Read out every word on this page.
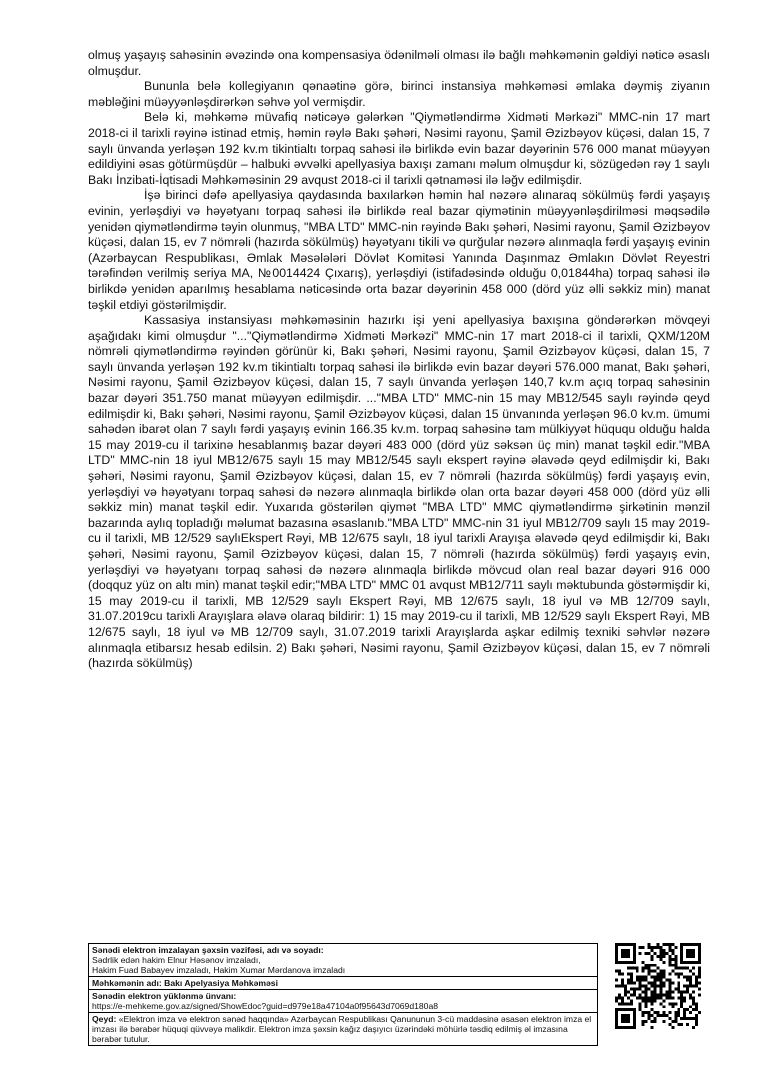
olmuş yaşayış sahəsinin əvəzində ona kompensasiya ödənilməli olması ilə bağlı məhkəmənin gəldiyi nəticə əsaslı olmuşdur.

Bununla belə kollegiyanın qənaətinə görə, birinci instansiya məhkəməsi əmlaka dəymiş ziyanın məbləğini müəyyənləşdirərkən səhvə yol vermişdir.

Belə ki, məhkəmə müvafiq nəticəyə gələrkən "Qiymətləndirmə Xidməti Mərkəzi" MMC-nin 17 mart 2018-ci il tarixli rəyinə istinad etmiş, həmin rəylə Bakı şəhəri, Nəsimi rayonu, Şamil Əzizbəyov küçəsi, dalan 15, 7 saylı ünvanda yerləşən 192 kv.m tikintialtı torpaq sahəsi ilə birlikdə evin bazar dəyərinin 576 000 manat müəyyən edildiyini əsas götürmüşdür – halbuki əvvəlki apellyasiya baxışı zamanı məlum olmuşdur ki, sözügedən rəy 1 saylı Bakı İnzibati-İqtisadi Məhkəməsinin 29 avqust 2018-ci il tarixli qətnaməsi ilə ləğv edilmişdir.

İşə birinci dəfə apellyasiya qaydasında baxılarkən həmin hal nəzərə alınaraq sökülmüş fərdi yaşayış evinin, yerləşdiyi və həyətyanı torpaq sahəsi ilə birlikdə real bazar qiymətinin müəyyənləşdirilməsi məqsədilə yenidən qiymətləndirmə təyin olunmuş, "MBA LTD" MMC-nin rəyində Bakı şəhəri, Nəsimi rayonu, Şamil Əzizbəyov küçəsi, dalan 15, ev 7 nömrəli (hazırda sökülmüş) həyətyanı tikili və qurğular nəzərə alınmaqla fərdi yaşayış evinin (Azərbaycan Respublikası, Əmlak Məsələləri Dövlət Komitəsi Yanında Daşınmaz Əmlakın Dövlət Reyestri tərəfindən verilmiş seriya MA, №0014424 Çıxarış), yerləşdiyi (istifadəsində olduğu 0,01844ha) torpaq sahəsi ilə birlikdə yenidən aparılmış hesablama nəticəsində orta bazar dəyərinin 458 000 (dörd yüz əlli səkkiz min) manat təşkil etdiyi göstərilmişdir.

Kassasiya instansiyası məhkəməsinin hazırkı işi yeni apellyasiya baxışına göndərərkən mövqeyi aşağıdakı kimi olmuşdur "..."Qiymətləndirmə Xidməti Mərkəzi" MMC-nin 17 mart 2018-ci il tarixli, QXM/120M nömrəli qiymətləndirmə rəyindən görünür ki, Bakı şəhəri, Nəsimi rayonu, Şamil Əzizbəyov küçəsi, dalan 15, 7 saylı ünvanda yerləşən 192 kv.m tikintialtı torpaq sahəsi ilə birlikdə evin bazar dəyəri 576.000 manat, Bakı şəhəri, Nəsimi rayonu, Şamil Əzizbəyov küçəsi, dalan 15, 7 saylı ünvanda yerləşən 140,7 kv.m açıq torpaq sahəsinin bazar dəyəri 351.750 manat müəyyən edilmişdir. ..."MBA LTD" MMC-nin 15 may MB12/545 saylı rəyində qeyd edilmişdir ki, Bakı şəhəri, Nəsimi rayonu, Şamil Əzizbəyov küçəsi, dalan 15 ünvanında yerləşən 96.0 kv.m. ümumi sahədən ibarət olan 7 saylı fərdi yaşayış evinin 166.35 kv.m. torpaq sahəsinə tam mülkiyyət hüququ olduğu halda 15 may 2019-cu il tarixinə hesablanmış bazar dəyəri 483 000 (dörd yüz səksən üç min) manat təşkil edir."MBA LTD" MMC-nin 18 iyul MB12/675 saylı 15 may MB12/545 saylı ekspert rəyinə əlavədə qeyd edilmişdir ki, Bakı şəhəri, Nəsimi rayonu, Şamil Əzizbəyov küçəsi, dalan 15, ev 7 nömrəli (hazırda sökülmüş) fərdi yaşayış evin, yerləşdiyi və həyətyanı torpaq sahəsi də nəzərə alınmaqla birlikdə olan orta bazar dəyəri 458 000 (dörd yüz əlli səkkiz min) manat təşkil edir. Yuxarıda göstərilən qiymət "MBA LTD" MMC qiymətləndirmə şirkətinin mənzil bazarında aylıq topladığı məlumat bazasına əsaslanıb."MBA LTD" MMC-nin 31 iyul MB12/709 saylı 15 may 2019-cu il tarixli, MB 12/529 saylıEkspert Rəyi, MB 12/675 saylı, 18 iyul tarixli Arayışa əlavədə qeyd edilmişdir ki, Bakı şəhəri, Nəsimi rayonu, Şamil Əzizbəyov küçəsi, dalan 15, 7 nömrəli (hazırda sökülmüş) fərdi yaşayış evin, yerləşdiyi və həyətyanı torpaq sahəsi də nəzərə alınmaqla birlikdə mövcud olan real bazar dəyəri 916 000 (doqquz yüz on altı min) manat təşkil edir;"MBA LTD" MMC 01 avqust MB12/711 saylı məktubunda göstərmişdir ki, 15 may 2019-cu il tarixli, MB 12/529 saylı Ekspert Rəyi, MB 12/675 saylı, 18 iyul və MB 12/709 saylı, 31.07.2019cu tarixli Arayışlara əlavə olaraq bildirir: 1) 15 may 2019-cu il tarixli, MB 12/529 saylı Ekspert Rəyi, MB 12/675 saylı, 18 iyul və MB 12/709 saylı, 31.07.2019 tarixli Arayışlarda aşkar edilmiş texniki səhvlər nəzərə alınmaqla etibarsız hesab edilsin. 2) Bakı şəhəri, Nəsimi rayonu, Şamil Əzizbəyov küçəsi, dalan 15, ev 7 nömrəli (hazırda sökülmüş)

Sənədi elektron imzalayan şəxsin vəzifəsi, adı və soyadı:
Sədrlik edən hakim Elnur Həsənov imzaladı,
Hakim Fuad Babayev imzaladı, Hakim Xumar Mərdanova imzaladı
Məhkəmənin adı: Bakı Apelyasiya Məhkəməsi
Sənədin elektron yüklənmə ünvanı:
https://e-mehkeme.gov.az/signed/ShowEdoc?guid=d979e18a47104a0f95643d7069d180a8
Qeyd: «Elektron imza və elektron sənəd haqqında» Azərbaycan Respublikası Qanununun 3-cü maddəsinə əsasən elektron imza el imzası ilə bərabər hüquqi qüvvəyə malikdir. Elektron imza şəxsin kağız daşıyıcı üzərindəki möhürlə təsdiq edilmiş əl imzasına bərabər tutulur.
